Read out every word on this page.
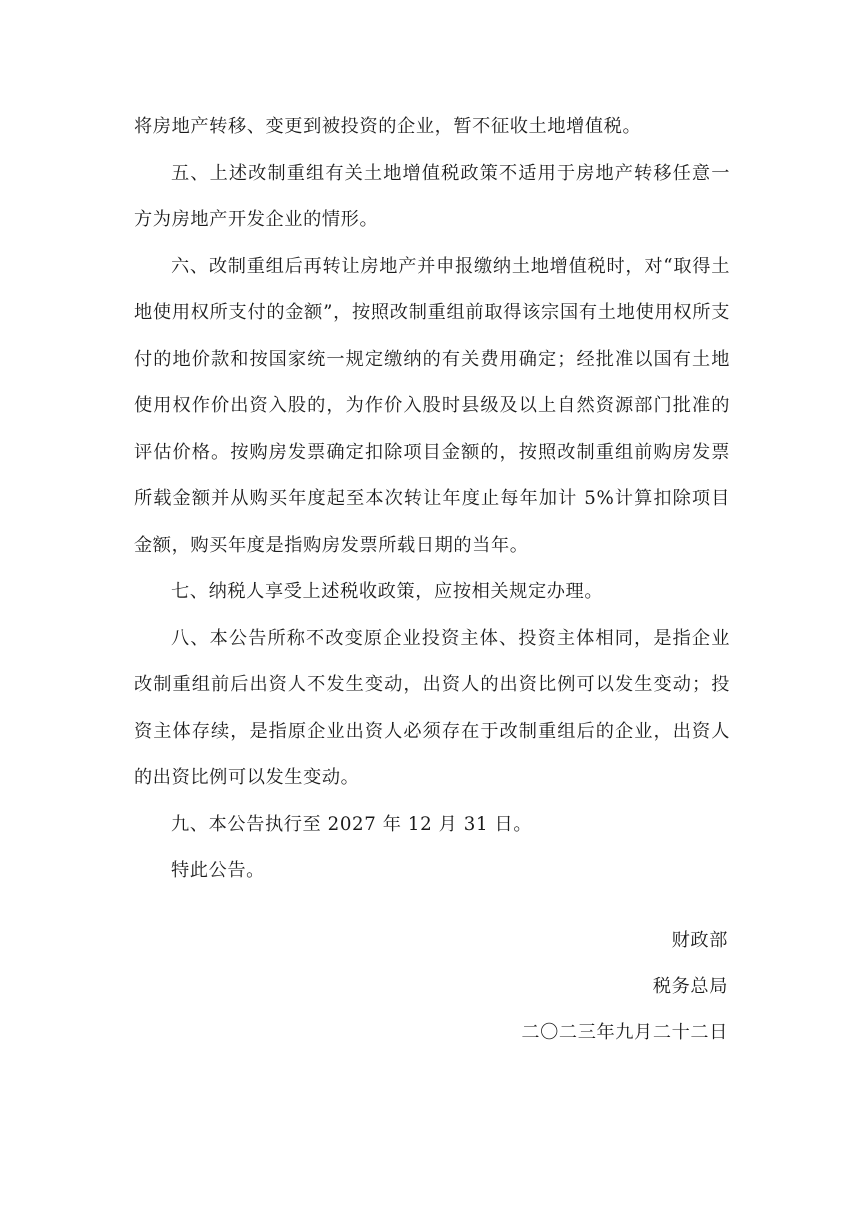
将房地产转移、变更到被投资的企业，暂不征收土地增值税。

五、上述改制重组有关土地增值税政策不适用于房地产转移任意一方为房地产开发企业的情形。

六、改制重组后再转让房地产并申报缴纳土地增值税时，对“取得土地使用权所支付的金额”，按照改制重组前取得该宗国有土地使用权所支付的地价款和按国家统一规定缴纳的有关费用确定；经批准以国有土地使用权作价出资入股的，为作价入股时县级及以上自然资源部门批准的评估价格。按购房发票确定扣除项目金额的，按照改制重组前购房发票所载金额并从购买年度起至本次转让年度止每年加计 5%计算扣除项目金额，购买年度是指购房发票所载日期的当年。

七、纳税人享受上述税收政策，应按相关规定办理。

八、本公告所称不改变原企业投资主体、投资主体相同，是指企业改制重组前后出资人不发生变动，出资人的出资比例可以发生变动；投资主体存续，是指原企业出资人必须存在于改制重组后的企业，出资人的出资比例可以发生变动。

九、本公告执行至 2027 年 12 月 31 日。

特此公告。

财政部
税务总局
二〇二三年九月二十二日
